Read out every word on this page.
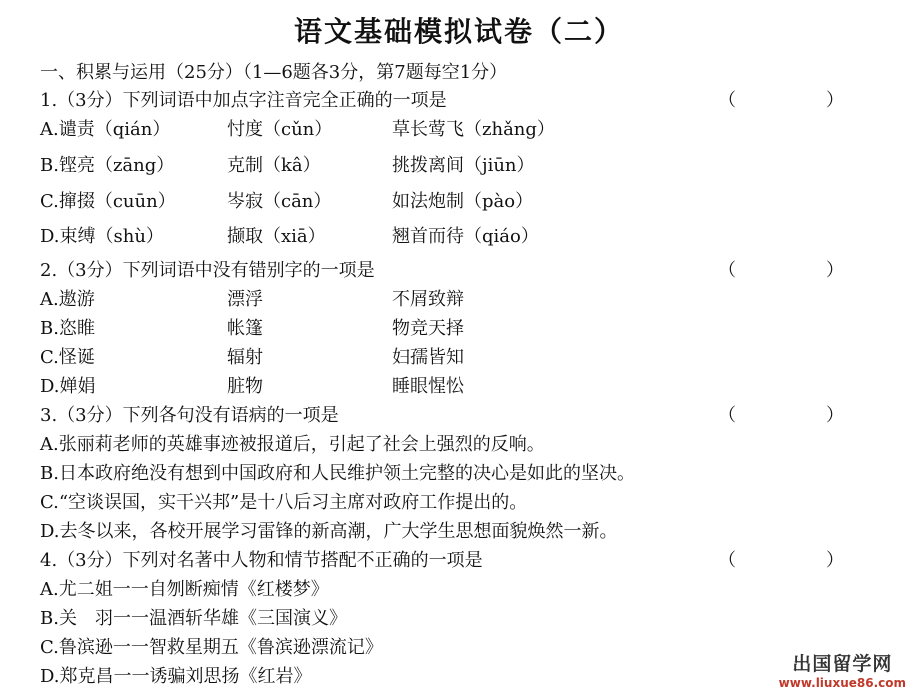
语文基础模拟试卷（二）
一、积累与运用（25分）（1—6题各3分，第7题每空1分）
1.（3分）下列词语中加点字注音完全正确的一项是	（　　　　　）
A.谴责（qián）	忖度（cǔn）	草长莺飞（zhǎng）
B.铿亮（zāng）	克制（kâ）	挑拨离间（jiūn）
C.撺掇（cuūn）	岑寂（cān）	如法炮制（pào）
D.束缚（shù）	撷取（xiā）	翘首而待（qiáo）
2.（3分）下列词语中没有错别字的一项是	（　　　　　）
A.遨游	漂浮	不屑致辩
B.恣睢	帐篷	物竞天择
C.怪诞	辐射	妇孺皆知
D.婵娟	脏物	睡眼惺忪
3.（3分）下列各句没有语病的一项是	（　　　　　）
A.张丽莉老师的英雄事迹被报道后，引起了社会上强烈的反响。
B.日本政府绝没有想到中国政府和人民维护领土完整的决心是如此的坚决。
C.“空谈误国，实干兴邦”是十八后习主席对政府工作提出的。
D.去冬以来，各校开展学习雷锋的新高潮，广大学生思想面貌焕然一新。
4.（3分）下列对名著中人物和情节搭配不正确的一项是	（　　　　　）
A.尤二姐一一自刎断痴情《红楼梦》
B.关　羽一一温酒斩华雄《三国演义》
C.鲁滨逊一一智救星期五《鲁滨逊漂流记》
D.郑克昌一一诱骗刘思扬《红岩》
出国留学网
www.liuxue86.com
